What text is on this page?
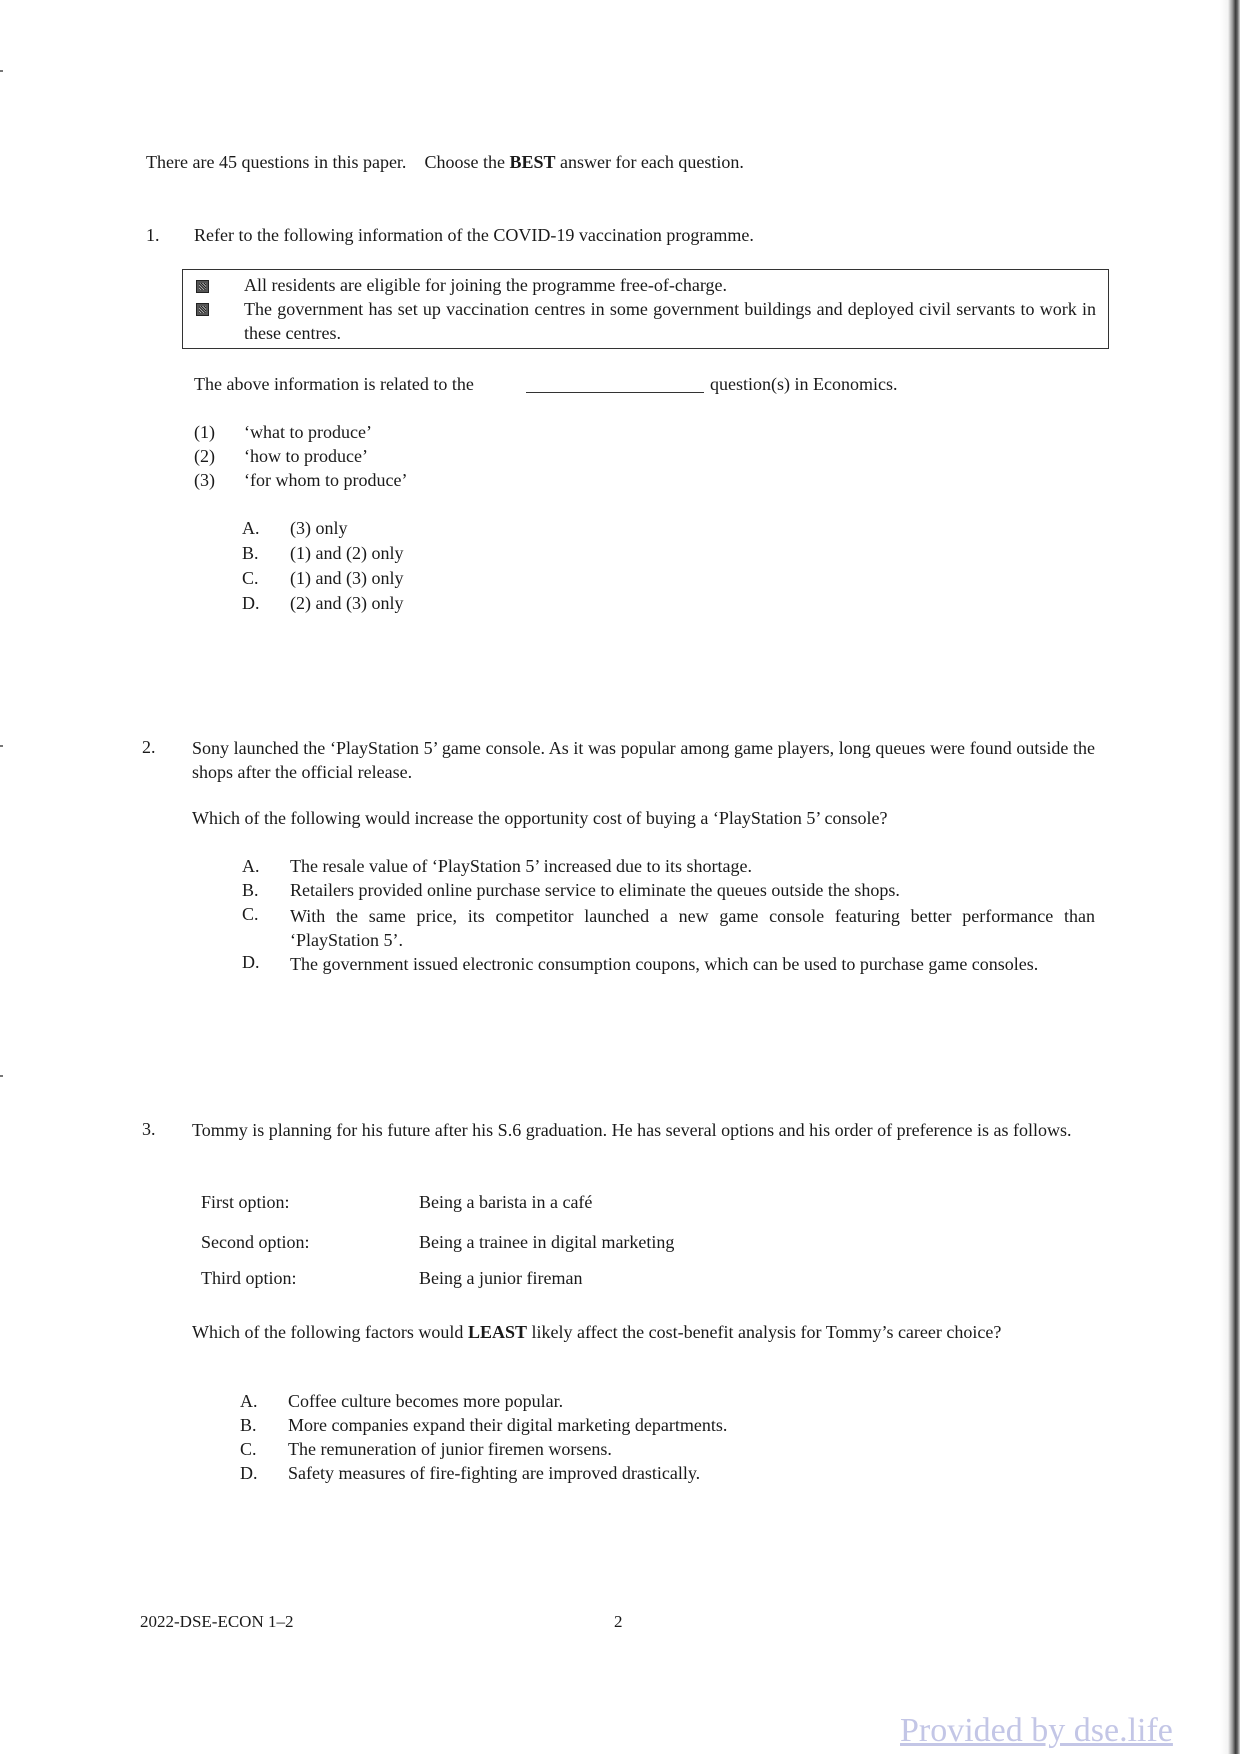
There are 45 questions in this paper. Choose the BEST answer for each question.
1. Refer to the following information of the COVID-19 vaccination programme.
All residents are eligible for joining the programme free-of-charge.
The government has set up vaccination centres in some government buildings and deployed civil servants to work in these centres.
The above information is related to the	question(s) in Economics.
(1) ‘what to produce’
(2) ‘how to produce’
(3) ‘for whom to produce’
A. (3) only
B. (1) and (2) only
C. (1) and (3) only
D. (2) and (3) only
2. Sony launched the ‘PlayStation 5’ game console. As it was popular among game players, long queues were found outside the shops after the official release.
Which of the following would increase the opportunity cost of buying a ‘PlayStation 5’ console?
A. The resale value of ‘PlayStation 5’ increased due to its shortage.
B. Retailers provided online purchase service to eliminate the queues outside the shops.
C. With the same price, its competitor launched a new game console featuring better performance than ‘PlayStation 5’.
D. The government issued electronic consumption coupons, which can be used to purchase game consoles.
3. Tommy is planning for his future after his S.6 graduation. He has several options and his order of preference is as follows.
First option:	Being a barista in a café
Second option:	Being a trainee in digital marketing
Third option:	Being a junior fireman
Which of the following factors would LEAST likely affect the cost-benefit analysis for Tommy’s career choice?
A. Coffee culture becomes more popular.
B. More companies expand their digital marketing departments.
C. The remuneration of junior firemen worsens.
D. Safety measures of fire-fighting are improved drastically.
2022-DSE-ECON 1–2	2
Provided by dse.life
